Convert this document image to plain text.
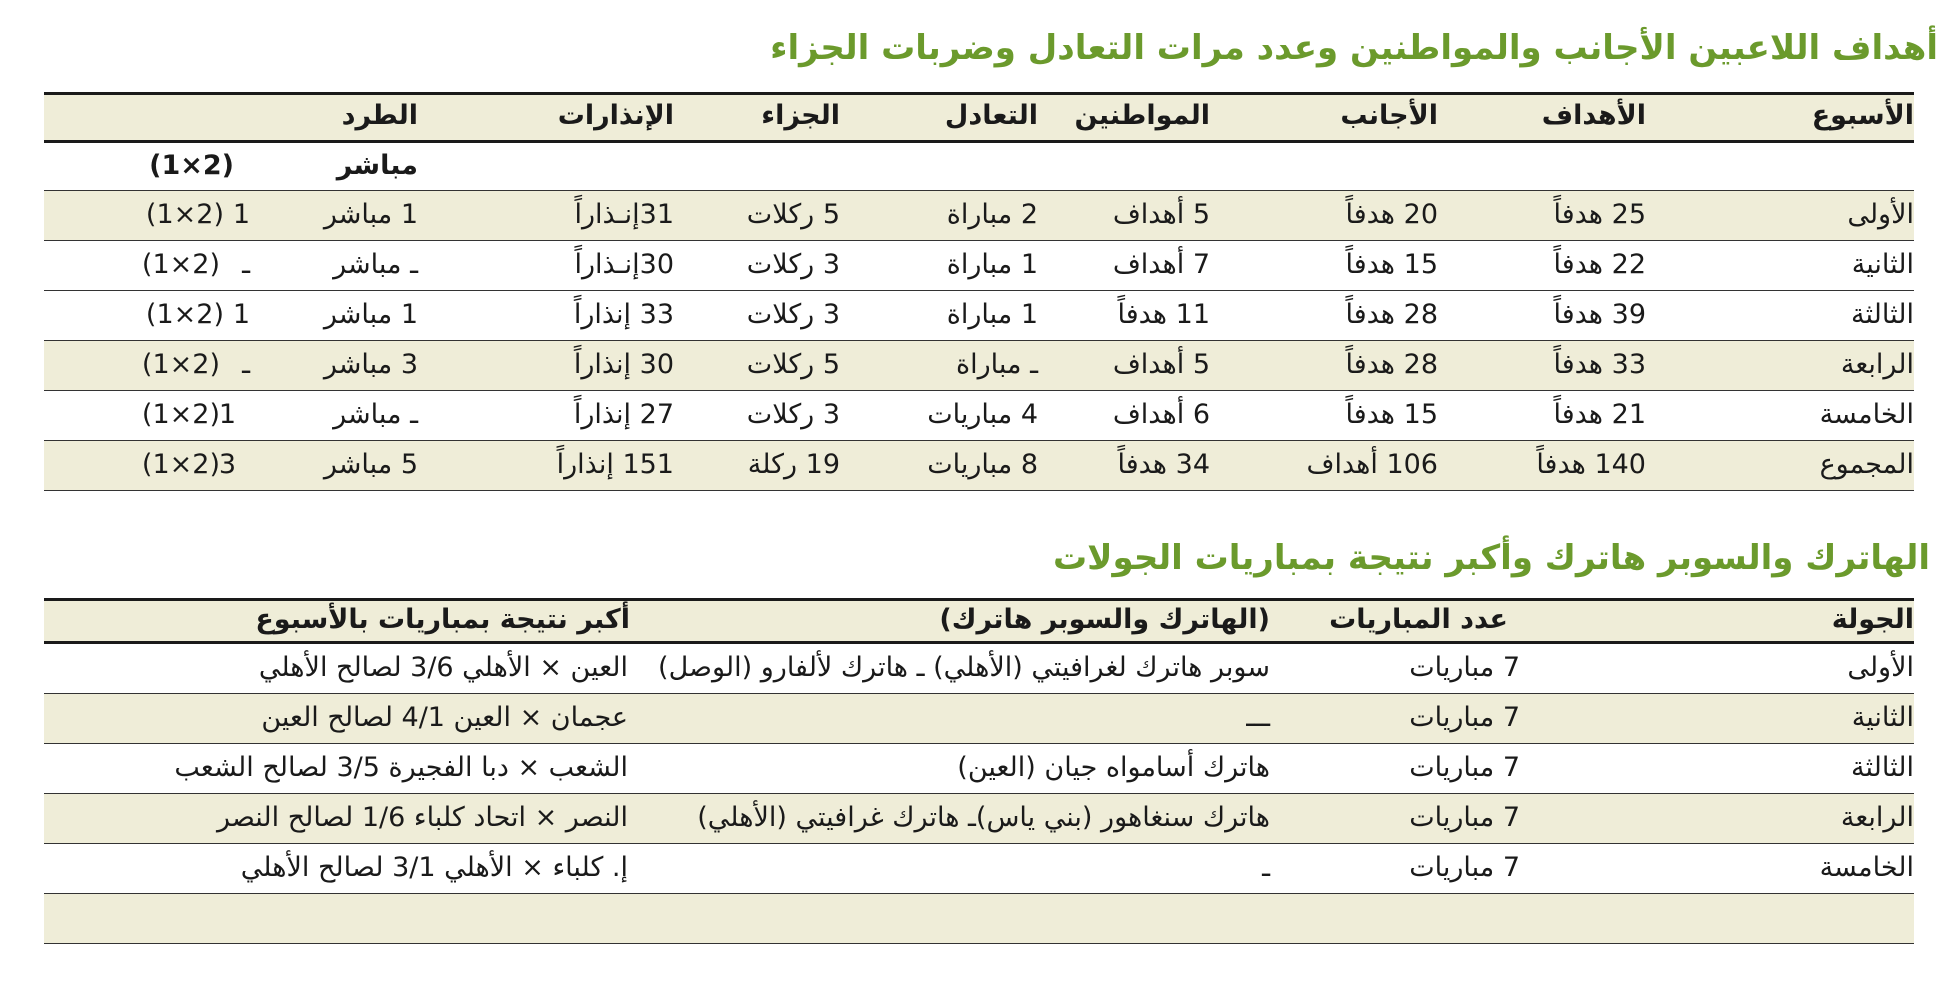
أهداف اللاعبين الأجانب والمواطنين وعدد مرات التعادل وضربات الجزاء
الأسبوع
الأهداف
الأجانب
المواطنين
التعادل
الجزاء
الإنذارات
الطرد
مباشر
(2×1)
الأولى
25 هدفاً
20 هدفاً
5 أهداف
2 مباراة
5 ركلات
31إنـذاراً
1 مباشر
1
(2×1)
الثانية
22 هدفاً
15 هدفاً
7 أهداف
1 مباراة
3 ركلات
30إنـذاراً
ـ مباشر
ـ
(2×1)
الثالثة
39 هدفاً
28 هدفاً
11 هدفاً
1 مباراة
3 ركلات
33 إنذاراً
1 مباشر
1
(2×1)
الرابعة
33 هدفاً
28 هدفاً
5 أهداف
ـ مباراة
5 ركلات
30 إنذاراً
3 مباشر
ـ
(2×1)
الخامسة
21 هدفاً
15 هدفاً
6 أهداف
4 مباريات
3 ركلات
27 إنذاراً
ـ مباشر
1
(2×1)
المجموع
140 هدفاً
106 أهداف
34 هدفاً
8 مباريات
19 ركلة
151 إنذاراً
5 مباشر
3
(2×1)
الهاترك والسوبر هاترك وأكبر نتيجة بمباريات الجولات
الجولة
عدد المباريات
(الهاترك والسوبر هاترك)
أكبر نتيجة بمباريات بالأسبوع
الأولى
7 مباريات
سوبر هاترك لغرافيتي (الأهلي) ـ هاترك لألفارو (الوصل)
العين × الأهلي 3/6 لصالح الأهلي
الثانية
7 مباريات
ـــ
عجمان × العين 4/1 لصالح العين
الثالثة
7 مباريات
هاترك أسامواه جيان (العين)
الشعب × دبا الفجيرة 3/5 لصالح الشعب
الرابعة
7 مباريات
هاترك سنغاهور (بني ياس)ـ هاترك غرافيتي (الأهلي)
النصر × اتحاد كلباء 1/6 لصالح النصر
الخامسة
7 مباريات
ـ
إ. كلباء × الأهلي 3/1 لصالح الأهلي
